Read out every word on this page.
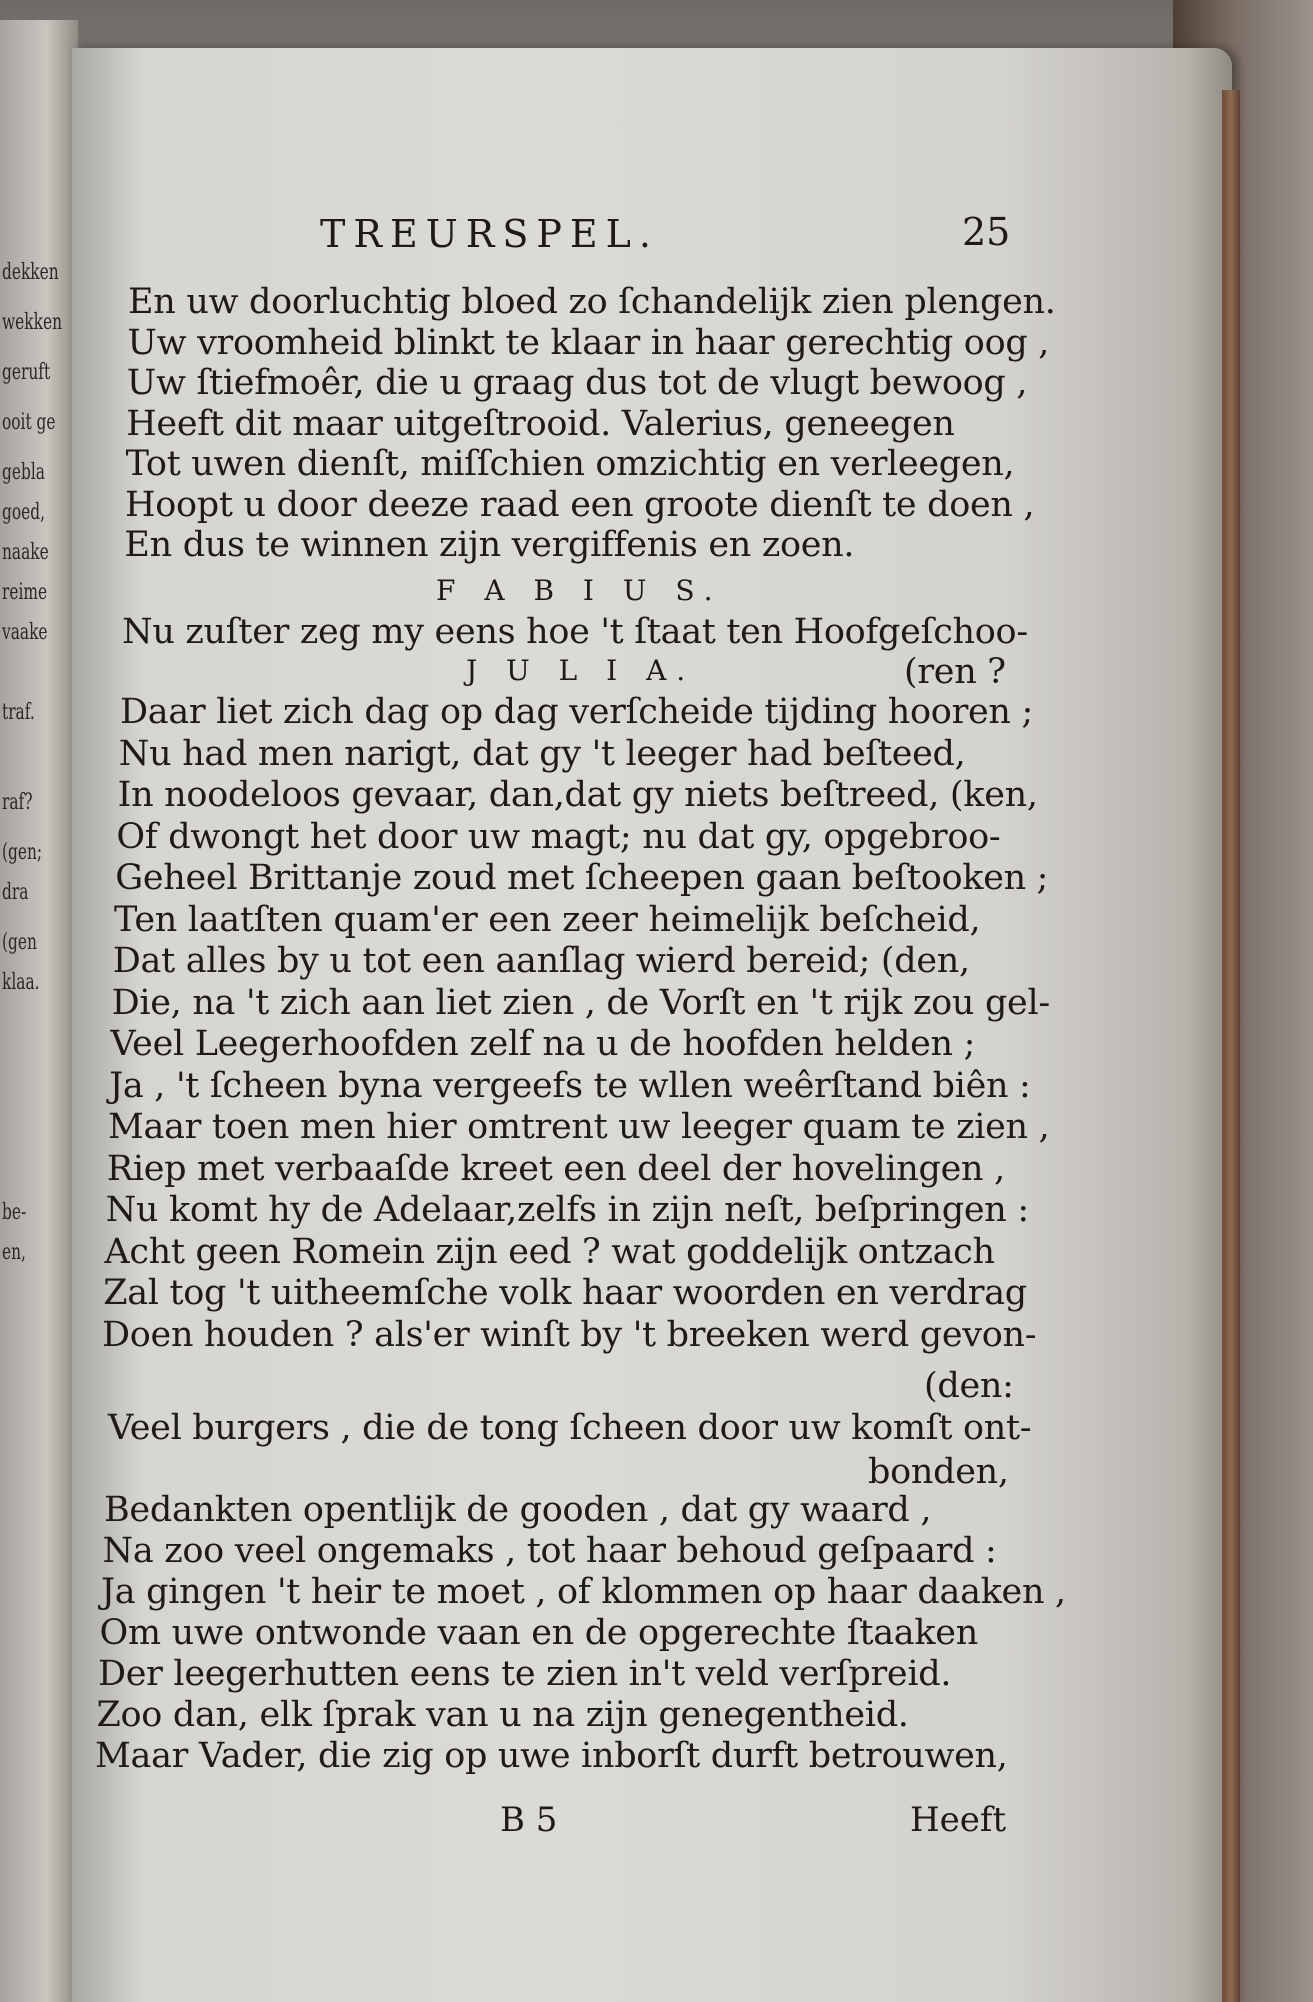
dekken
wekken
geruft
ooit ge
gebla
goed,
naake
reime
vaake
traf.
raf?
(gen;
dra
(gen
klaa.
be-
en,
TREURSPEL.	25
En uw doorluchtig bloed zo ſchandelijk zien plengen.
Uw vroomheid blinkt te klaar in haar gerechtig oog ,
Uw ſtiefmoêr, die u graag dus tot de vlugt bewoog ,
Heeft dit maar uitgeſtrooid. Valerius, geneegen
Tot uwen dienſt, miſſchien omzichtig en verleegen,
Hoopt u door deeze raad een groote dienſt te doen ,
En dus te winnen zijn vergiffenis en zoen.
F A B I U S.
Nu zuſter zeg my eens hoe 't ſtaat ten Hoofgeſchoo-
J U L I A.	(ren ?
Daar liet zich dag op dag verſcheide tijding hooren ;
Nu had men narigt, dat gy 't leeger had beſteed,
In noodeloos gevaar, dan,dat gy niets beſtreed, (ken,
Of dwongt het door uw magt; nu dat gy, opgebroo-
Geheel Brittanje zoud met ſcheepen gaan beſtooken ;
Ten laatſten quam'er een zeer heimelijk beſcheid,
Dat alles by u tot een aanſlag wierd bereid; (den,
Die, na 't zich aan liet zien , de Vorſt en 't rijk zou gel-
Veel Leegerhoofden zelf na u de hoofden helden ;
Ja , 't ſcheen byna vergeefs te wllen weêrſtand biên :
Maar toen men hier omtrent uw leeger quam te zien ,
Riep met verbaaſde kreet een deel der hovelingen ,
Nu komt hy de Adelaar,zelfs in zijn neſt, beſpringen :
Acht geen Romein zijn eed ? wat goddelijk ontzach
Zal tog 't uitheemſche volk haar woorden en verdrag
Doen houden ? als'er winſt by 't breeken werd gevon-
(den:
Veel burgers , die de tong ſcheen door uw komſt ont-
bonden,
Bedankten opentlijk de gooden , dat gy waard ,
Na zoo veel ongemaks , tot haar behoud geſpaard :
Ja gingen 't heir te moet , of klommen op haar daaken ,
Om uwe ontwonde vaan en de opgerechte ſtaaken
Der leegerhutten eens te zien in't veld verſpreid.
Zoo dan, elk ſprak van u na zijn genegentheid.
Maar Vader, die zig op uwe inborſt durft betrouwen,
B 5	Heeft
